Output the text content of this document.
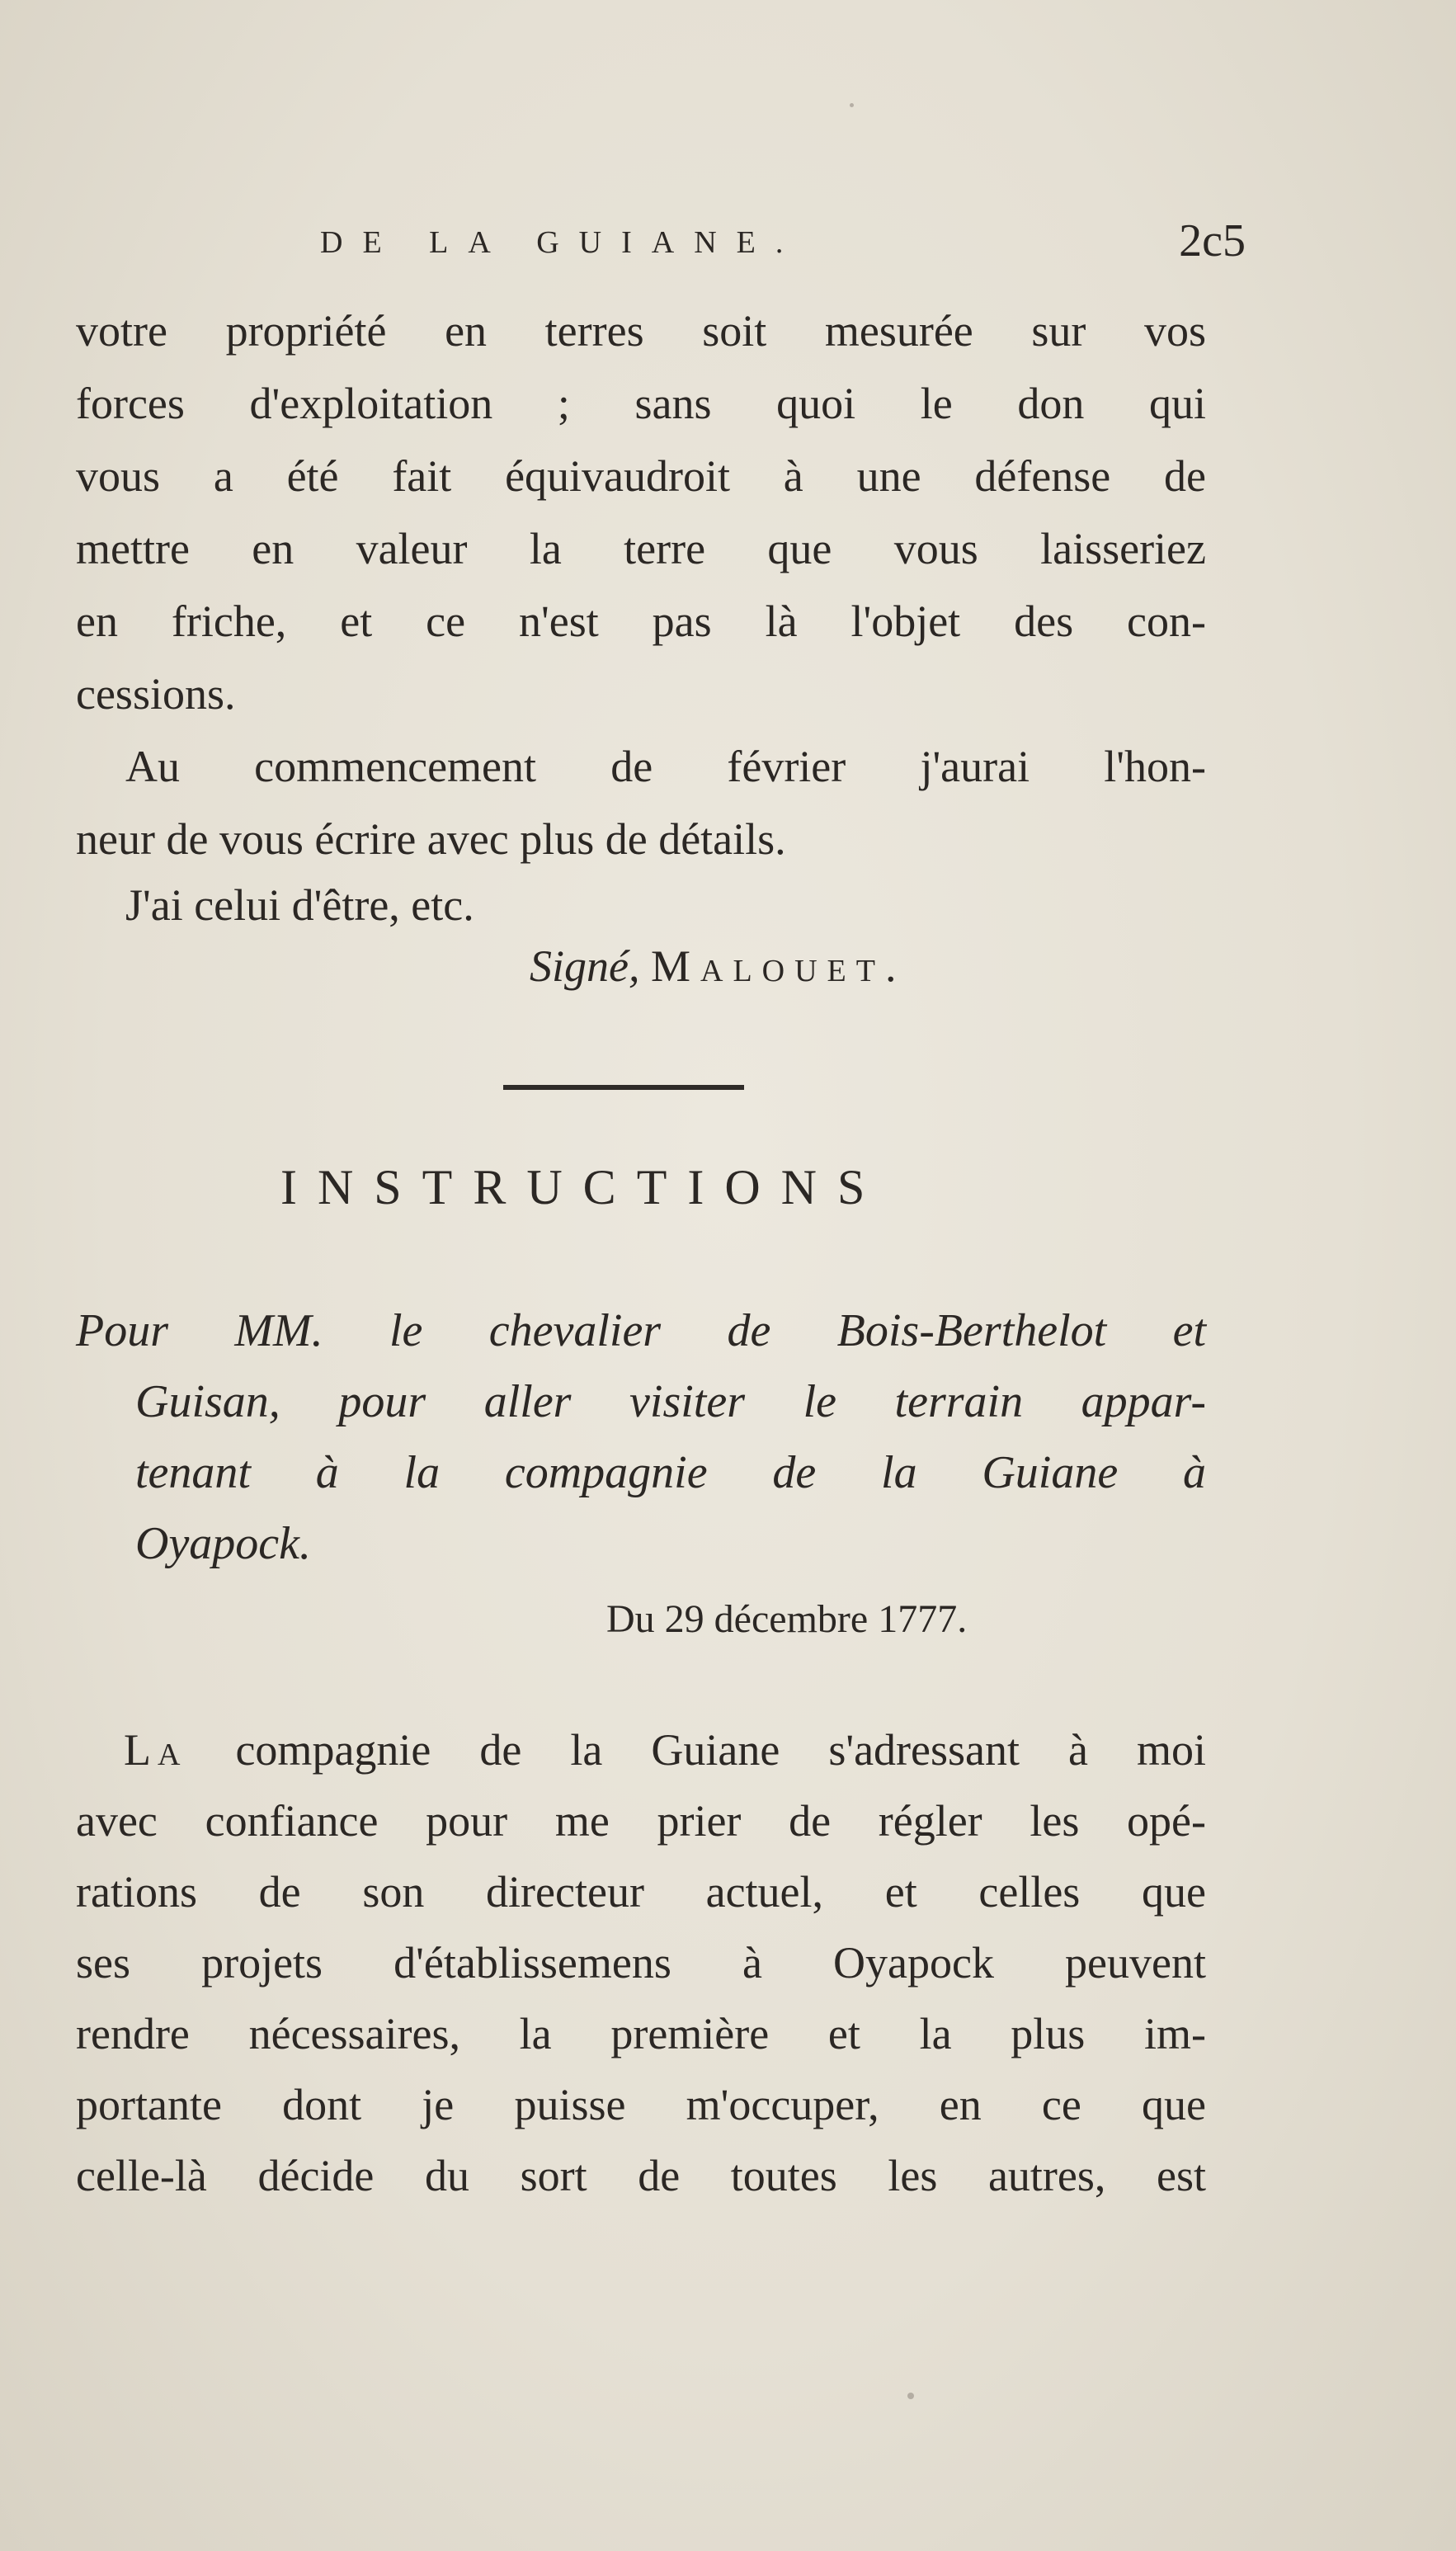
DE LA GUIANE.	2c5
votre propriété en terres soit mesurée sur vos
forces d'exploitation ; sans quoi le don qui
vous a été fait équivaudroit à une défense de
mettre en valeur la terre que vous laisseriez
en friche, et ce n'est pas là l'objet des con-
cessions.
Au commencement de février j'aurai l'hon-
neur de vous écrire avec plus de détails.
J'ai celui d'être, etc.
Signé, Malouet.
INSTRUCTIONS
Pour MM. le chevalier de Bois-Berthelot et
Guisan, pour aller visiter le terrain appar-
tenant à la compagnie de la Guiane à
Oyapock.
Du 29 décembre 1777.
La compagnie de la Guiane s'adressant à moi
avec confiance pour me prier de régler les opé-
rations de son directeur actuel, et celles que
ses projets d'établissemens à Oyapock peuvent
rendre nécessaires, la première et la plus im-
portante dont je puisse m'occuper, en ce que
celle-là décide du sort de toutes les autres, est
